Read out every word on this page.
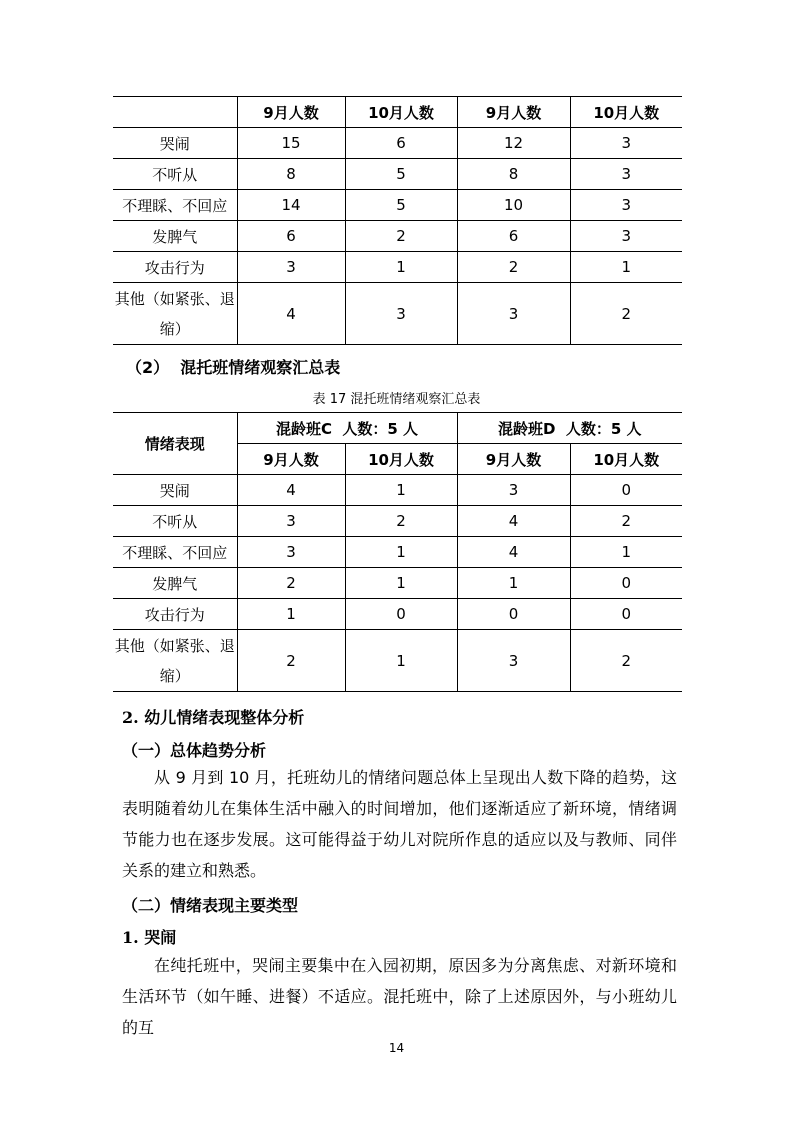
	9月人数	10月人数	9月人数	10月人数
哭闹	15	6	12	3
不听从	8	5	8	3
不理睬、不回应	14	5	10	3
发脾气	6	2	6	3
攻击行为	3	1	2	1
其他（如紧张、退缩）	4	3	3	2
（2）  混托班情绪观察汇总表
表 17 混托班情绪观察汇总表
情绪表现	混龄班C  人数：5 人		混龄班D  人数：5 人	
	9月人数	10月人数	9月人数	10月人数
哭闹	4	1	3	0
不听从	3	2	4	2
不理睬、不回应	3	1	4	1
发脾气	2	1	1	0
攻击行为	1	0	0	0
其他（如紧张、退缩）	2	1	3	2
2. 幼儿情绪表现整体分析
（一）总体趋势分析
从 9 月到 10 月，托班幼儿的情绪问题总体上呈现出人数下降的趋势，这表明随着幼儿在集体生活中融入的时间增加，他们逐渐适应了新环境，情绪调节能力也在逐步发展。这可能得益于幼儿对院所作息的适应以及与教师、同伴关系的建立和熟悉。
（二）情绪表现主要类型
1. 哭闹
在纯托班中，哭闹主要集中在入园初期，原因多为分离焦虑、对新环境和生活环节（如午睡、进餐）不适应。混托班中，除了上述原因外，与小班幼儿的互
14
